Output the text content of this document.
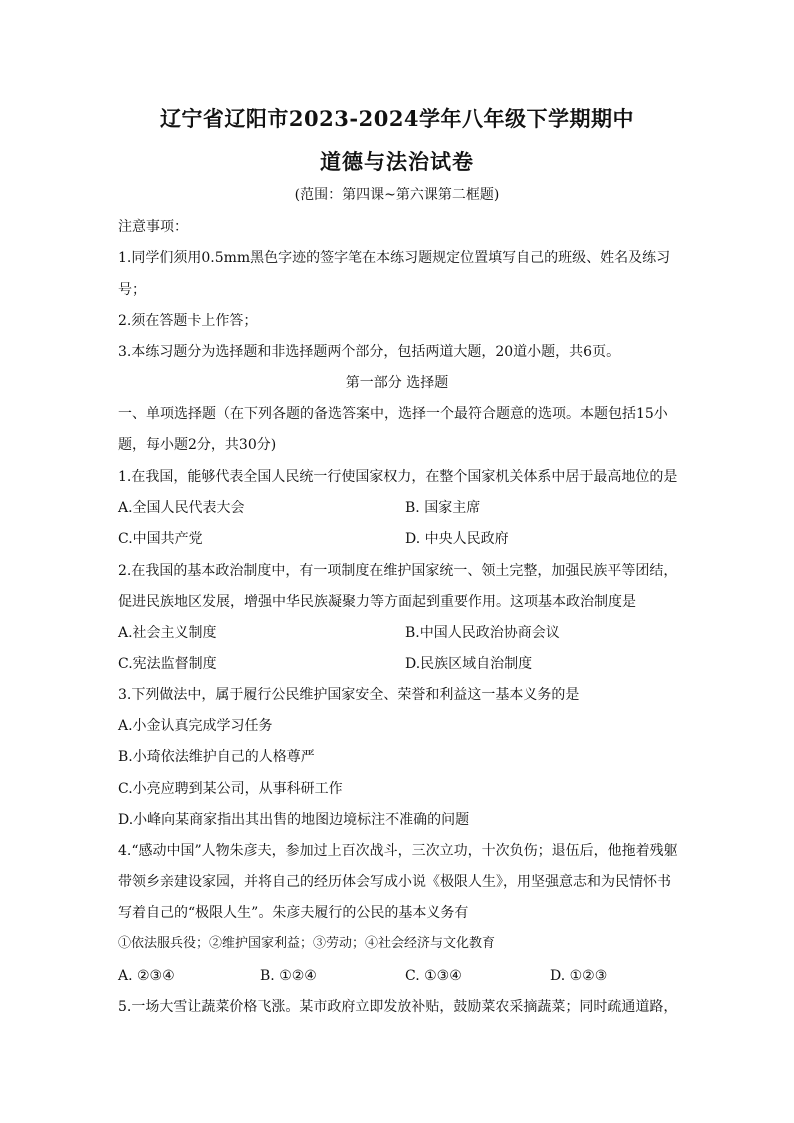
辽宁省辽阳市2023-2024学年八年级下学期期中
道德与法治试卷
(范围：第四课~第六课第二框题)
注意事项：
1.同学们须用0.5mm黑色字迹的签字笔在本练习题规定位置填写自己的班级、姓名及练习
号；
2.须在答题卡上作答；
3.本练习题分为选择题和非选择题两个部分，包括两道大题，20道小题，共6页。
第一部分 选择题
一、单项选择题（在下列各题的备选答案中，选择一个最符合题意的选项。本题包括15小
题，每小题2分，共30分)
1.在我国，能够代表全国人民统一行使国家权力，在整个国家机关体系中居于最高地位的是
A.全国人民代表大会	B. 国家主席
C.中国共产党	D. 中央人民政府
2.在我国的基本政治制度中，有一项制度在维护国家统一、领土完整，加强民族平等团结，
促进民族地区发展，增强中华民族凝聚力等方面起到重要作用。这项基本政治制度是
A.社会主义制度	B.中国人民政治协商会议
C.宪法监督制度	D.民族区域自治制度
3.下列做法中，属于履行公民维护国家安全、荣誉和利益这一基本义务的是
A.小金认真完成学习任务
B.小琦依法维护自己的人格尊严
C.小亮应聘到某公司，从事科研工作
D.小峰向某商家指出其出售的地图边境标注不准确的问题
4.“感动中国”人物朱彦夫，参加过上百次战斗，三次立功，十次负伤；退伍后，他拖着残躯
带领乡亲建设家园，并将自己的经历体会写成小说《极限人生》，用坚强意志和为民情怀书
写着自己的“极限人生”。朱彦夫履行的公民的基本义务有
①依法服兵役；②维护国家利益；③劳动；④社会经济与文化教育
A. ②③④	B. ①②④	C. ①③④	D. ①②③
5.一场大雪让蔬菜价格飞涨。某市政府立即发放补贴，鼓励菜农采摘蔬菜；同时疏通道路，
